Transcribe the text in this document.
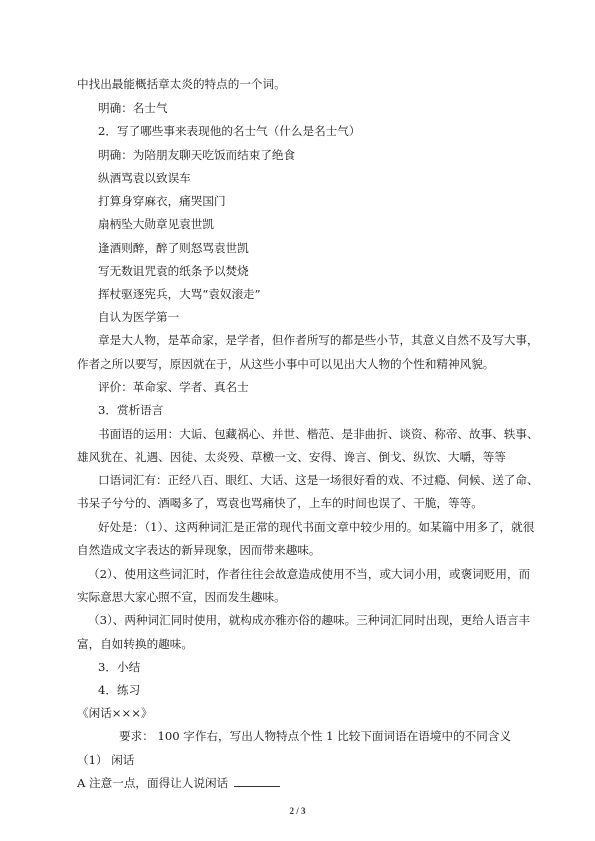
中找出最能概括章太炎的特点的一个词。
明确：名士气
2．写了哪些事来表现他的名士气（什么是名士气）
明确：为陪朋友聊天吃饭而结束了绝食
纵酒骂袁以致误车
打算身穿麻衣，痛哭国门
扇柄坠大勋章见袁世凯
逢酒则醉，醉了则怒骂袁世凯
写无数诅咒袁的纸条予以焚烧
挥杖驱逐宪兵，大骂“袁奴滚走”
自认为医学第一
章是大人物，是革命家，是学者，但作者所写的都是些小节，其意义自然不及写大事，
作者之所以要写，原因就在于，从这些小事中可以见出大人物的个性和精神风貌。
评价：革命家、学者、真名士
3．赏析语言
书面语的运用：大诟、包藏祸心、并世、楷范、是非曲折、谈资、称帝、故事、轶事、
雄风犹在、礼遇、因徒、太炎殁、草檄一文、安得、谗言、倒戈、纵饮、大嚼，等等
口语词汇有：正经八百、眼红、大话、这是一场很好看的戏、不过瘾、伺候、送了命、
书呆子兮兮的、酒喝多了，骂袁也骂痛快了，上车的时间也误了、干脆，等等。
好处是：（1）、这两种词汇是正常的现代书面文章中较少用的。如某篇中用多了，就很
自然造成文字表达的新异现象，因而带来趣味。
（2）、使用这些词汇时，作者往往会故意造成使用不当，或大词小用，或褒词贬用，而
实际意思大家心照不宣，因而发生趣味。
（3）、两种词汇同时使用，就构成亦雅亦俗的趣味。三种词汇同时出现，更给人语言丰
富，自如转换的趣味。
3．小结
4．练习
《闲话×××》
要求： 100 字作右，写出人物特点个性 1 比较下面词语在语境中的不同含义
（1） 闲话
A 注意一点，面得让人说闲话
2 / 3
